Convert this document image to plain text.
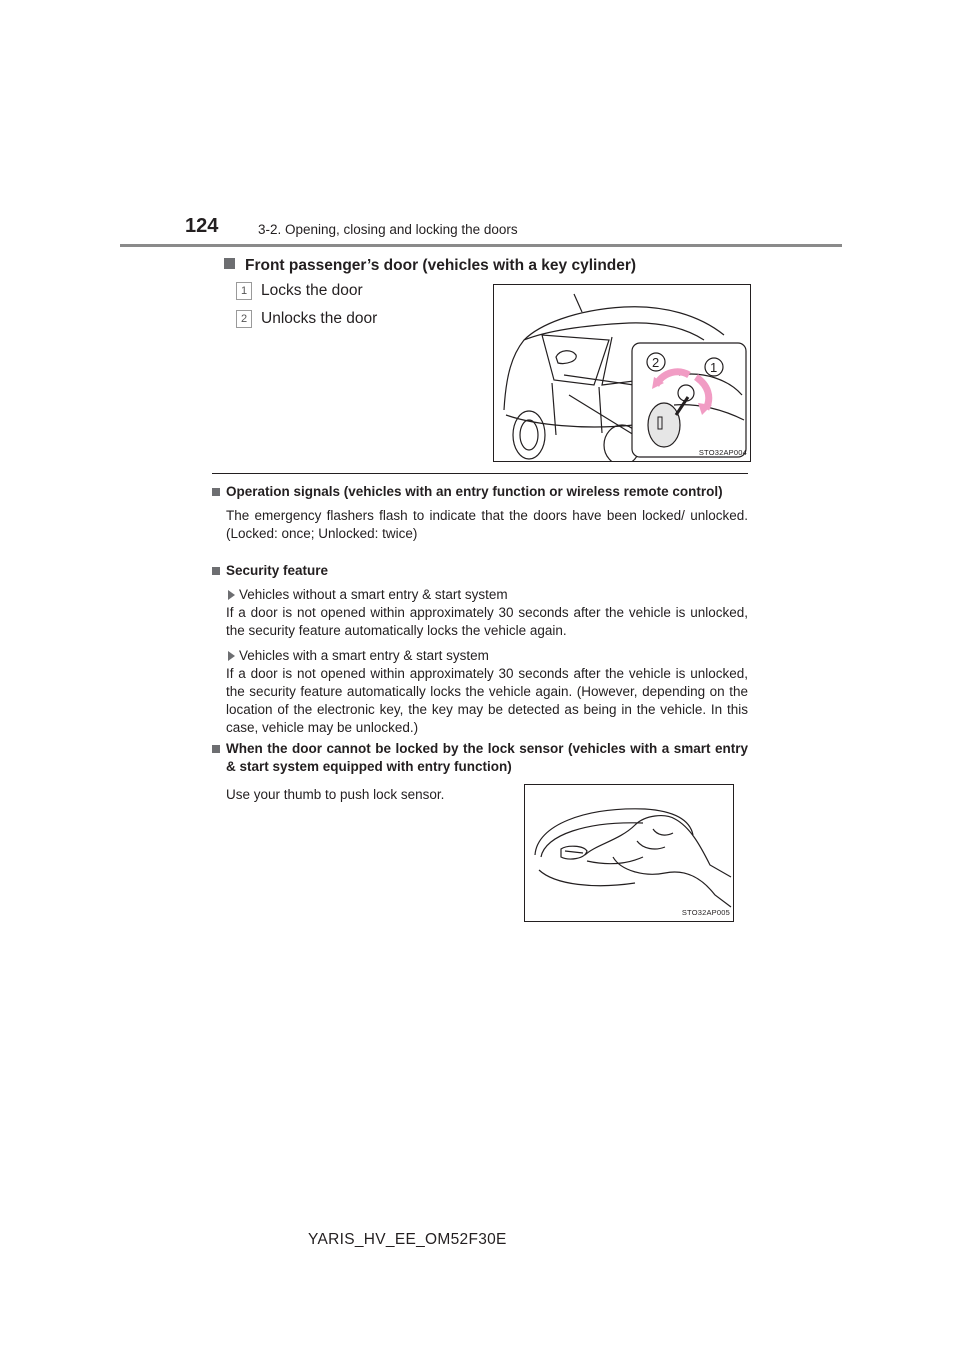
124	3-2. Opening, closing and locking the doors
Front passenger’s door (vehicles with a key cylinder)
1 Locks the door
2 Unlocks the door
2	1
STO32AP004
Operation signals (vehicles with an entry function or wireless remote control)
The emergency flashers flash to indicate that the doors have been locked/ unlocked. (Locked: once; Unlocked: twice)
Security feature
Vehicles without a smart entry & start system
If a door is not opened within approximately 30 seconds after the vehicle is unlocked, the security feature automatically locks the vehicle again.
Vehicles with a smart entry & start system
If a door is not opened within approximately 30 seconds after the vehicle is unlocked, the security feature automatically locks the vehicle again. (However, depending on the location of the electronic key, the key may be detected as being in the vehicle. In this case, vehicle may be unlocked.)
When the door cannot be locked by the lock sensor (vehicles with a smart entry & start system equipped with entry function)
Use your thumb to push lock sensor.
STO32AP005
YARIS_HV_EE_OM52F30E
